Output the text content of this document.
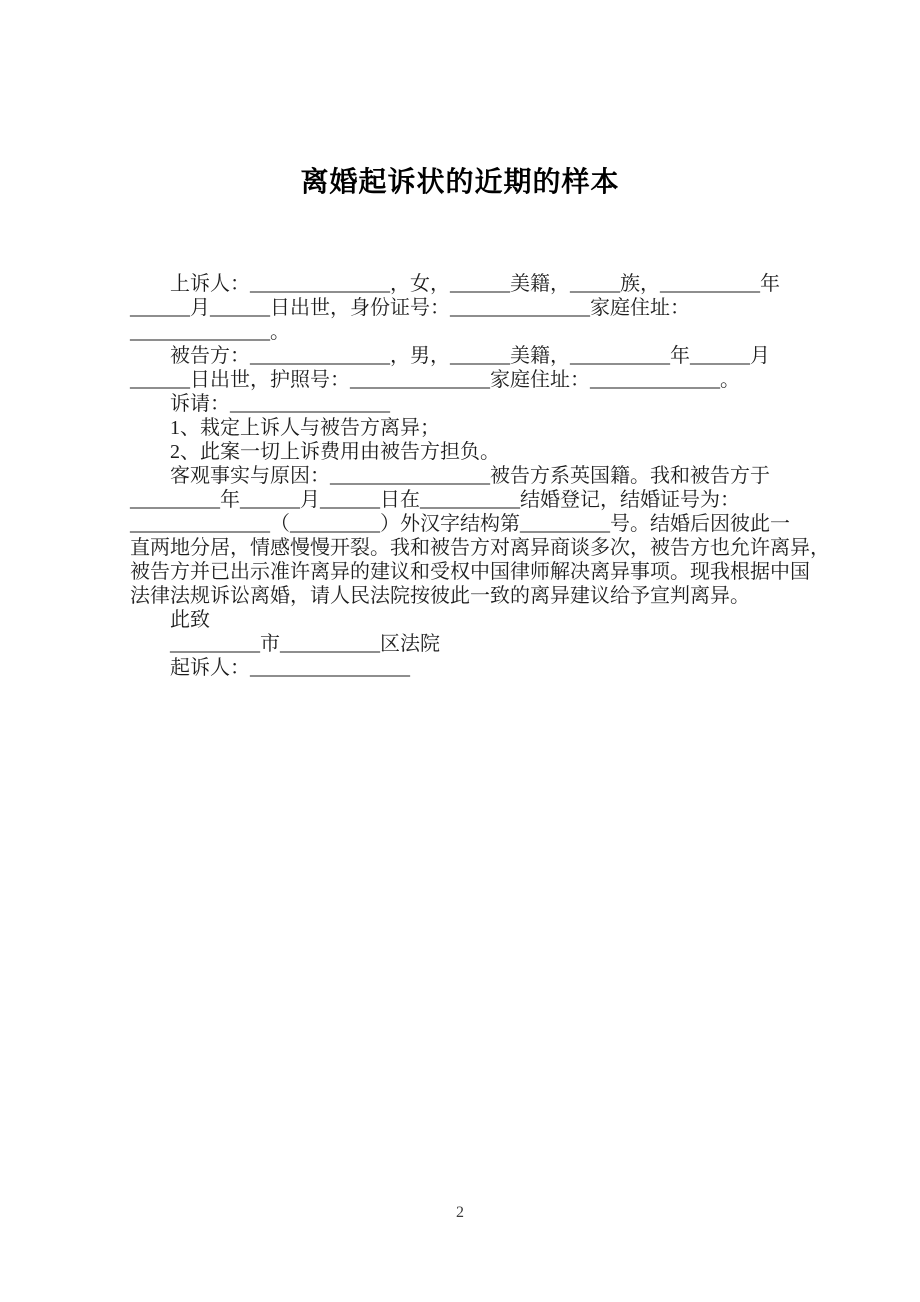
离婚起诉状的近期的样本
　　上诉人：______________，女，______美籍，_____族，__________年
______月______日出世，身份证号：______________家庭住址：
______________。
　　被告方：______________，男，______美籍，__________年______月
______日出世，护照号：______________家庭住址：_____________。
　　诉请：________________
　　1、栽定上诉人与被告方离异；
　　2、此案一切上诉费用由被告方担负。
　　客观事实与原因：________________被告方系英国籍。我和被告方于
_________年______月______日在__________结婚登记，结婚证号为：
______________（_________）外汉字结构第_________号。结婚后因彼此一
直两地分居，情感慢慢开裂。我和被告方对离异商谈多次，被告方也允许离异，
被告方并已出示准许离异的建议和受权中国律师解决离异事项。现我根据中国
法律法规诉讼离婚，请人民法院按彼此一致的离异建议给予宣判离异。
　　此致
　　_________市__________区法院
　　起诉人：________________
2
